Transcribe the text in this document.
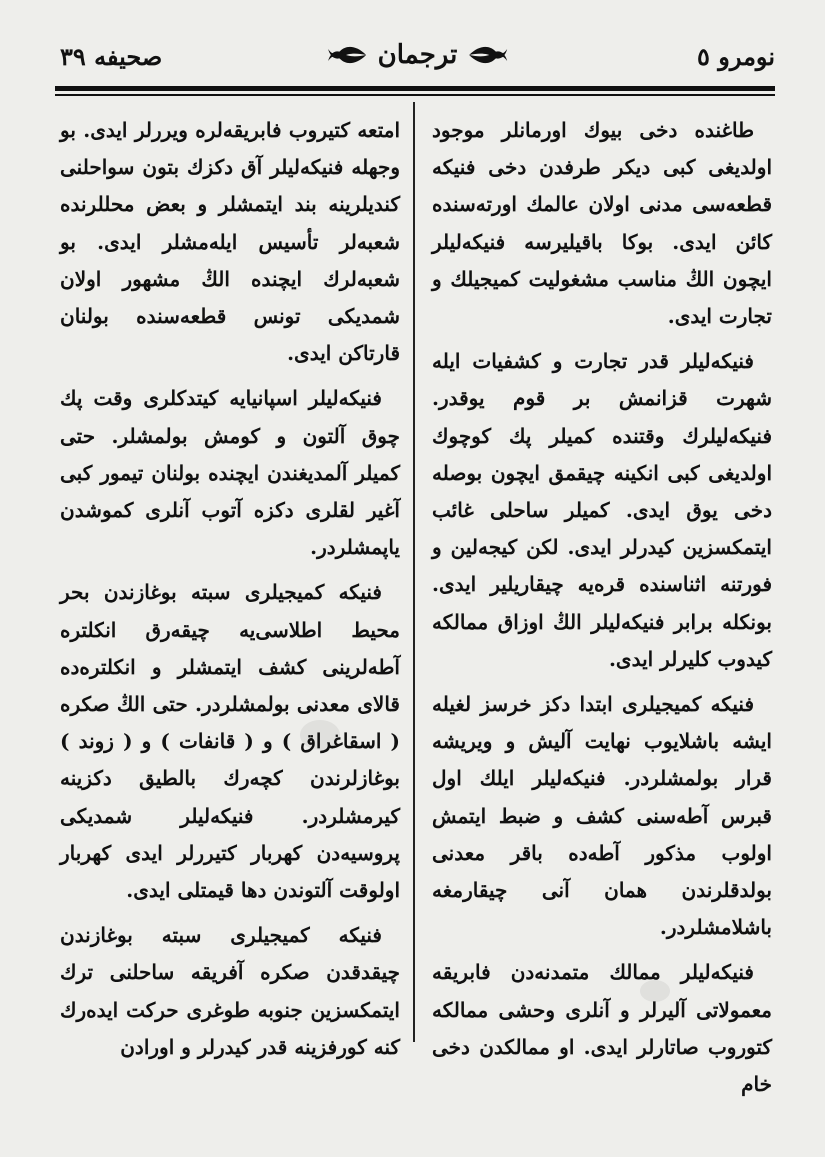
نومرو ٥
ترجمان
صحیفه ٣٩

طاغنده دخی بیوك اورمانلر موجود اولدیغی كبی دیكر طرفدن دخی فنیكه قطعه‌سی مدنی اولان عالمك اورته‌سنده كائن ایدی. بوكا باقیلیرسه فنیكه‌لیلر ایچون الڭ مناسب مشغولیت كمیجیلك و تجارت ایدی.

فنیكه‌لیلر قدر تجارت و كشفیات ایله شهرت قزانمش بر قوم یوقدر. فنیكه‌لیلرك وقتنده كمیلر پك كوچوك اولدیغی كبی انكینه چیقمق ایچون بوصله دخی یوق ایدی. كمیلر ساحلی غائب ایتمكسزین كیدرلر ایدی. لكن كیجه‌لین و فورتنه اثناسنده قره‌یه چیقاریلیر ایدی. بونكله برابر فنیكه‌لیلر الڭ اوزاق ممالكه كیدوب كلیرلر ایدی.

فنیكه كمیجیلری ابتدا دكز خرسز لغیله ایشه باشلایوب نهایت آلیش و ویریشه قرار بولمشلردر. فنیكه‌لیلر ایلك اول قبرس آطه‌سنی كشف و ضبط ایتمش اولوب مذكور آطه‌ده باقر معدنی بولدقلرندن همان آنی چیقارمغه باشلامشلردر.

فنیكه‌لیلر ممالك متمدنه‌دن فابریقه معمولاتی آلیرلر و آنلری وحشی ممالكه كتوروب صاتارلر ایدی. او ممالكدن دخی خام

امتعه كتیروب فابریقه‌لره ویررلر ایدی. بو وجهله فنیكه‌لیلر آق دكزك بتون سواحلنی كندیلرینه بند ایتمشلر و بعض محللرنده شعبه‌لر تأسیس ایله‌مشلر ایدی. بو شعبه‌لرك ایچنده الڭ مشهور اولان شمدیكی تونس قطعه‌سنده بولنان قارتاكن ایدی.

فنیكه‌لیلر اسپانیایه كیتدكلری وقت پك چوق آلتون و كومش بولمشلر. حتی كمیلر آلمدیغندن ایچنده بولنان تیمور كبی آغیر لقلری دكزه آتوب آنلری كموشدن یاپمشلردر.

فنیكه كمیجیلری سبته بوغازندن بحر محیط اطلاسی‌یه چیقه‌رق انكلتره آطه‌لرینی كشف ایتمشلر و انكلتره‌ده قالای معدنی بولمشلردر. حتی الڭ صكره ( اسقاغراق ) و ( قانفات ) و ( زوند ) بوغازلرندن كچه‌رك بالطیق دكزینه كیرمشلردر. فنیكه‌لیلر شمدیكی پروسیه‌دن كهربار كتیررلر ایدی كهربار اولوقت آلتوندن دها قیمتلی ایدی.

فنیكه كمیجیلری سبته بوغازندن چیقدقدن صكره آفریقه ساحلنی ترك ایتمكسزین جنوبه طوغری حركت ایده‌رك كنه كورفزینه قدر كیدرلر و اورادن
